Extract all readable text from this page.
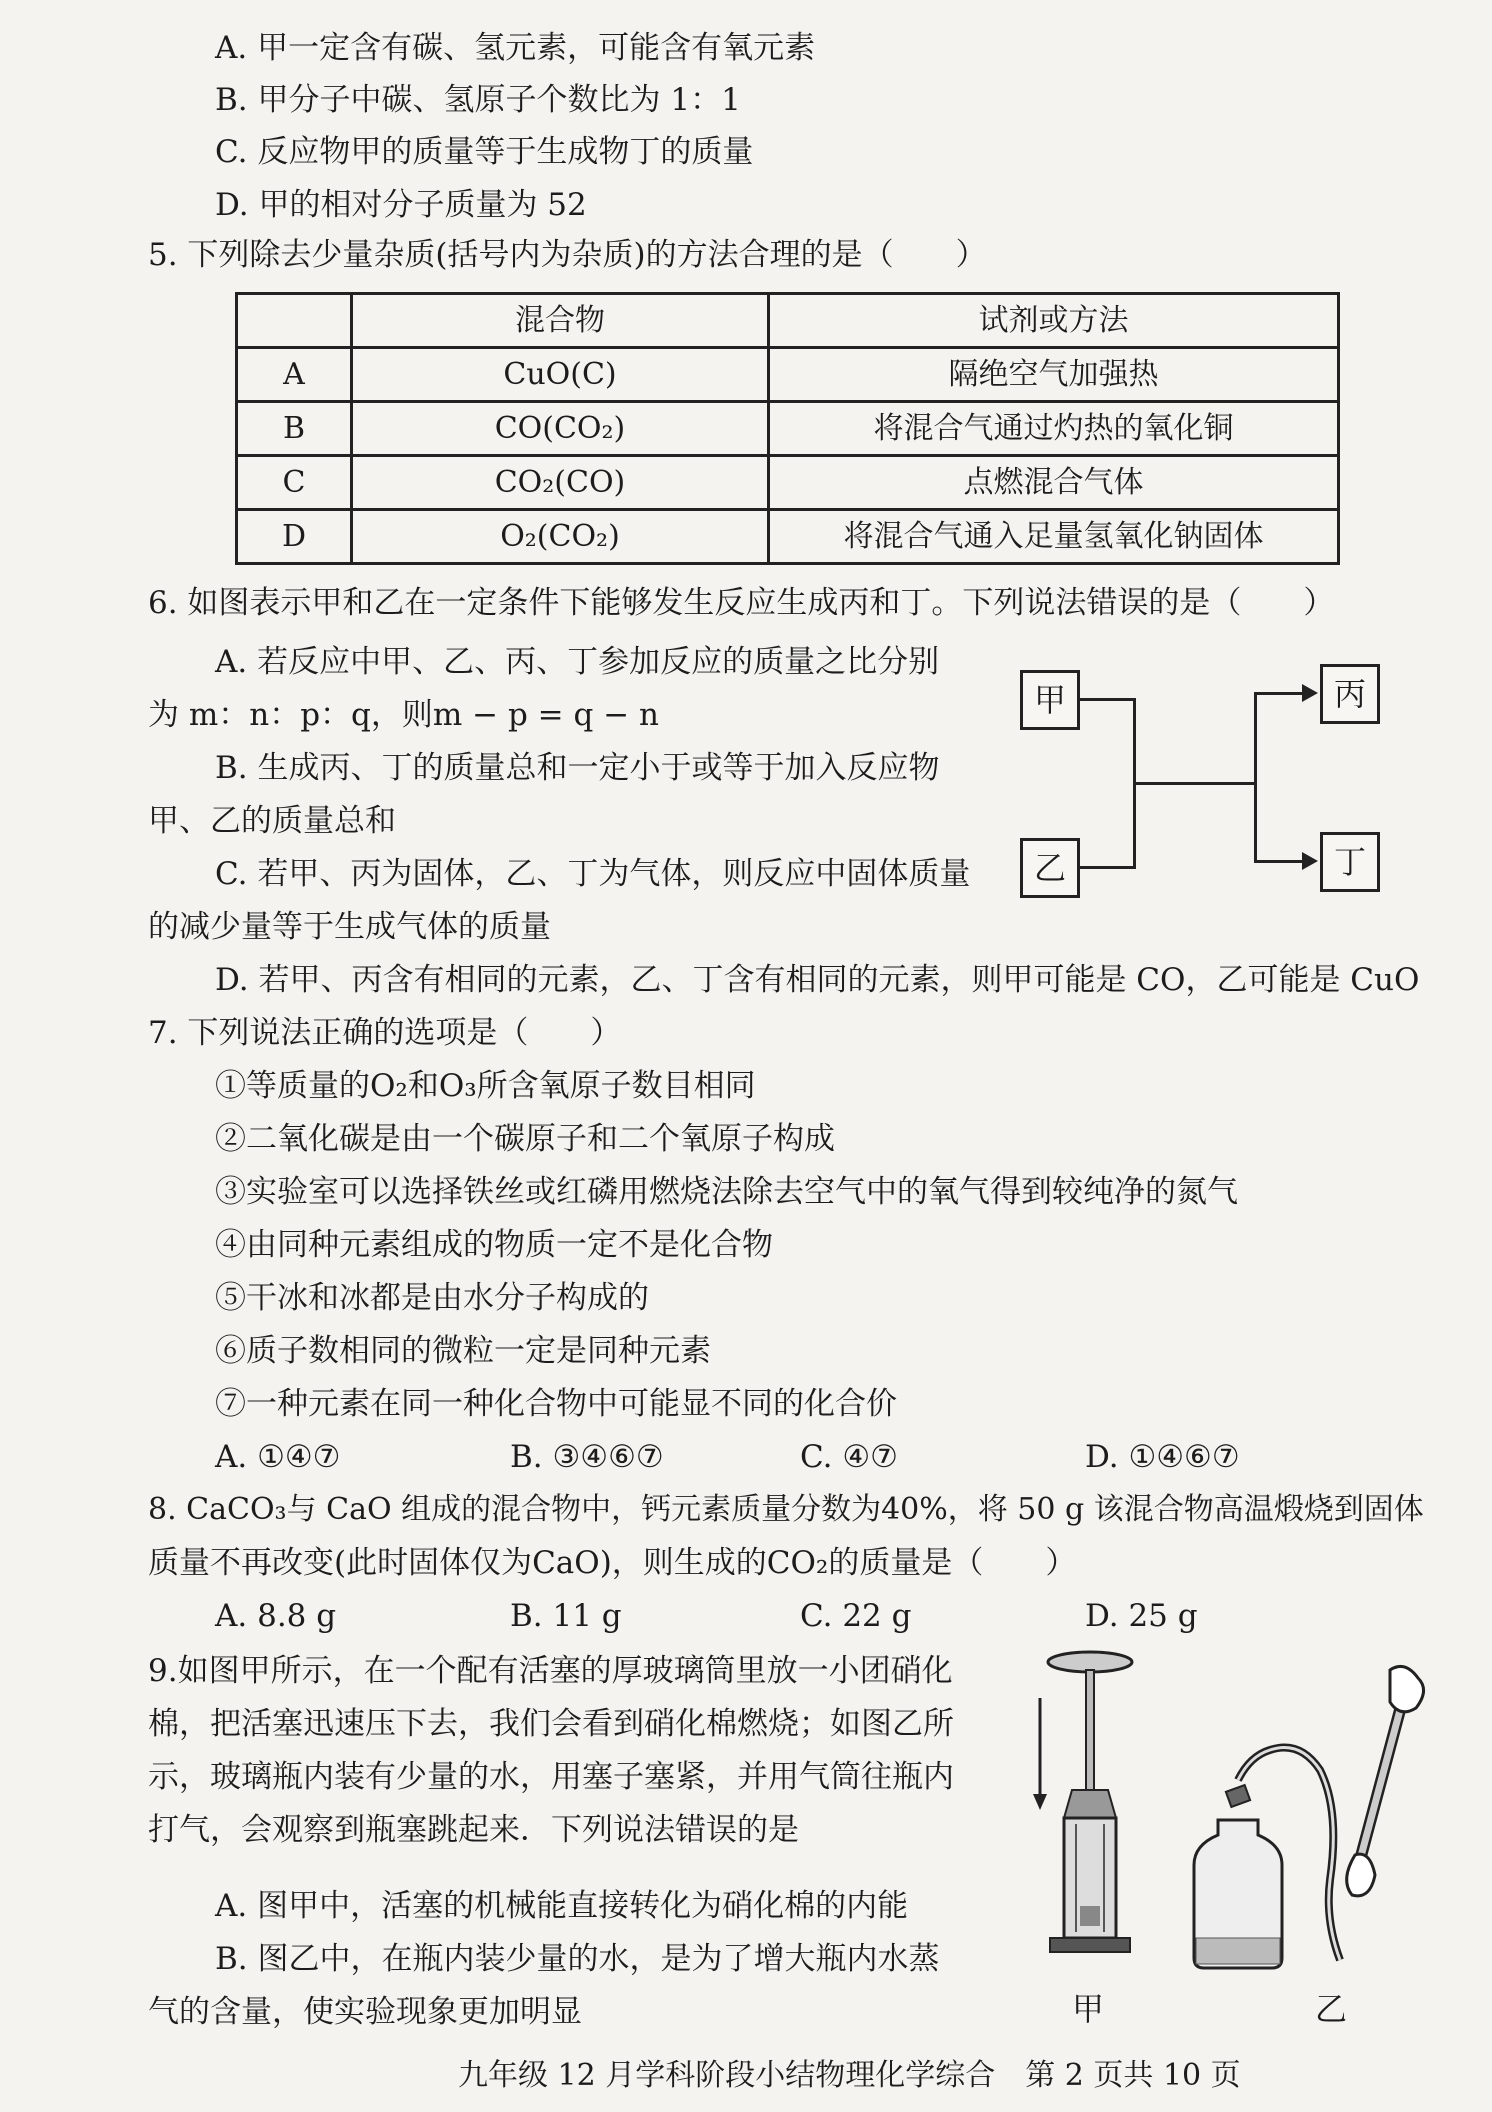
A. 甲一定含有碳、氢元素，可能含有氧元素
B. 甲分子中碳、氢原子个数比为 1：1
C. 反应物甲的质量等于生成物丁的质量
D. 甲的相对分子质量为 52
5. 下列除去少量杂质(括号内为杂质)的方法合理的是（　　）
	混合物	试剂或方法
A	CuO(C)	隔绝空气加强热
B	CO(CO₂)	将混合气通过灼热的氧化铜
C	CO₂(CO)	点燃混合气体
D	O₂(CO₂)	将混合气通入足量氢氧化钠固体
6. 如图表示甲和乙在一定条件下能够发生反应生成丙和丁。下列说法错误的是（　　）
A. 若反应中甲、乙、丙、丁参加反应的质量之比分别
为 m：n：p：q，则m − p = q − n
B. 生成丙、丁的质量总和一定小于或等于加入反应物
甲、乙的质量总和
C. 若甲、丙为固体，乙、丁为气体，则反应中固体质量
的减少量等于生成气体的质量
D. 若甲、丙含有相同的元素，乙、丁含有相同的元素，则甲可能是 CO，乙可能是 CuO
甲
乙
丙
丁
7. 下列说法正确的选项是（　　）
①等质量的O₂和O₃所含氧原子数目相同
②二氧化碳是由一个碳原子和二个氧原子构成
③实验室可以选择铁丝或红磷用燃烧法除去空气中的氧气得到较纯净的氮气
④由同种元素组成的物质一定不是化合物
⑤干冰和冰都是由水分子构成的
⑥质子数相同的微粒一定是同种元素
⑦一种元素在同一种化合物中可能显不同的化合价
A. ①④⑦	B. ③④⑥⑦	C. ④⑦	D. ①④⑥⑦
8. CaCO₃与 CaO 组成的混合物中，钙元素质量分数为40%，将 50 g 该混合物高温煅烧到固体
质量不再改变(此时固体仅为CaO)，则生成的CO₂的质量是（　　）
A. 8.8 g	B. 11 g	C. 22 g	D. 25 g
9.如图甲所示，在一个配有活塞的厚玻璃筒里放一小团硝化
棉，把活塞迅速压下去，我们会看到硝化棉燃烧；如图乙所
示，玻璃瓶内装有少量的水，用塞子塞紧，并用气筒往瓶内
打气，会观察到瓶塞跳起来．下列说法错误的是
A. 图甲中，活塞的机械能直接转化为硝化棉的内能
B. 图乙中，在瓶内装少量的水，是为了增大瓶内水蒸
气的含量，使实验现象更加明显	甲	乙
九年级 12 月学科阶段小结物理化学综合　第 2 页共 10 页
